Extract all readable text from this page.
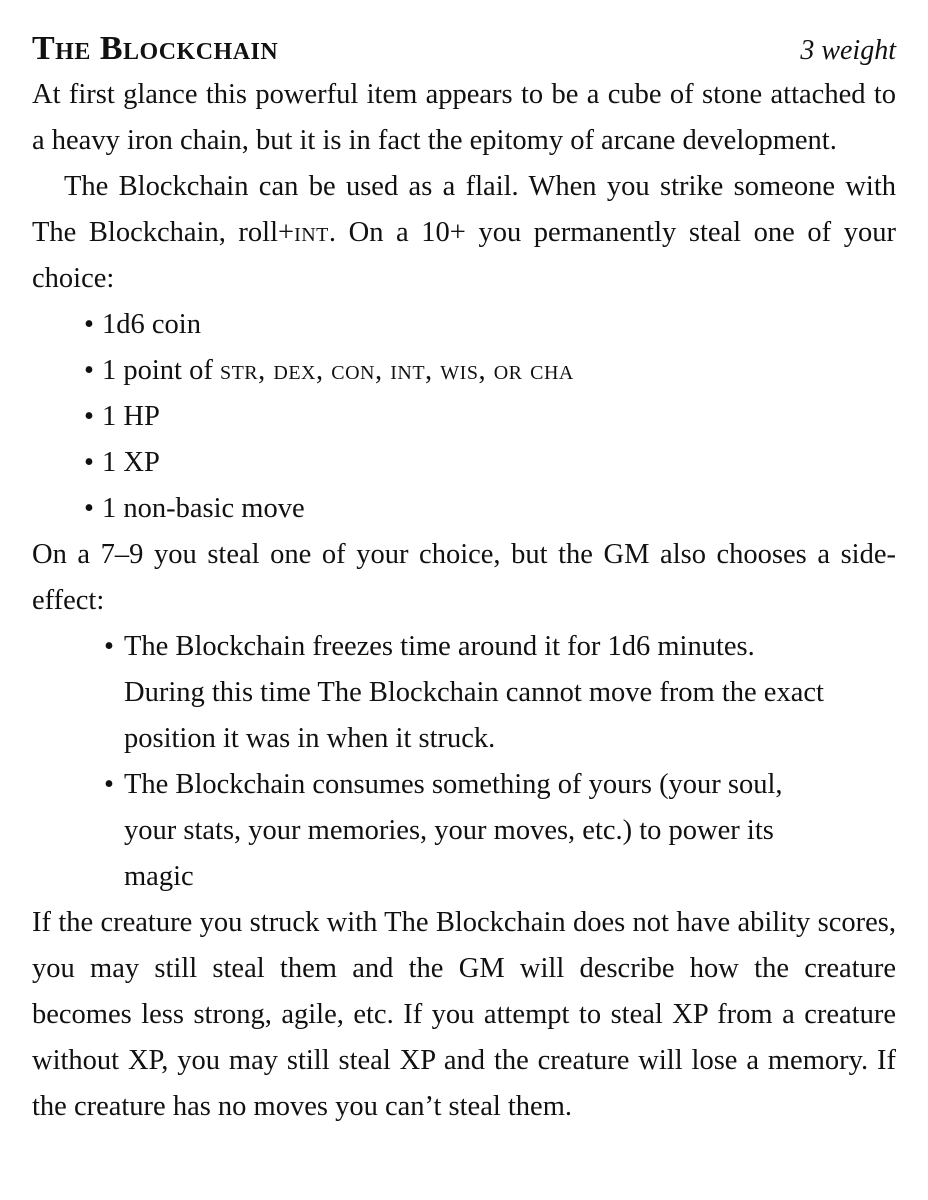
The Blockchain	3 weight

At first glance this powerful item appears to be a cube of stone attached to a heavy iron chain, but it is in fact the epitomy of arcane development.

The Blockchain can be used as a flail. When you strike someone with The Blockchain, roll+int. On a 10+ you permanently steal one of your choice:

• 1d6 coin
• 1 point of str, dex, con, int, wis, or cha
• 1 HP
• 1 XP
• 1 non-basic move

On a 7–9 you steal one of your choice, but the GM also chooses a side-effect:

• The Blockchain freezes time around it for 1d6 minutes. During this time The Blockchain cannot move from the exact position it was in when it struck.
• The Blockchain consumes something of yours (your soul, your stats, your memories, your moves, etc.) to power its magic

If the creature you struck with The Blockchain does not have ability scores, you may still steal them and the GM will describe how the creature becomes less strong, agile, etc. If you attempt to steal XP from a creature without XP, you may still steal XP and the creature will lose a memory. If the creature has no moves you can’t steal them.
